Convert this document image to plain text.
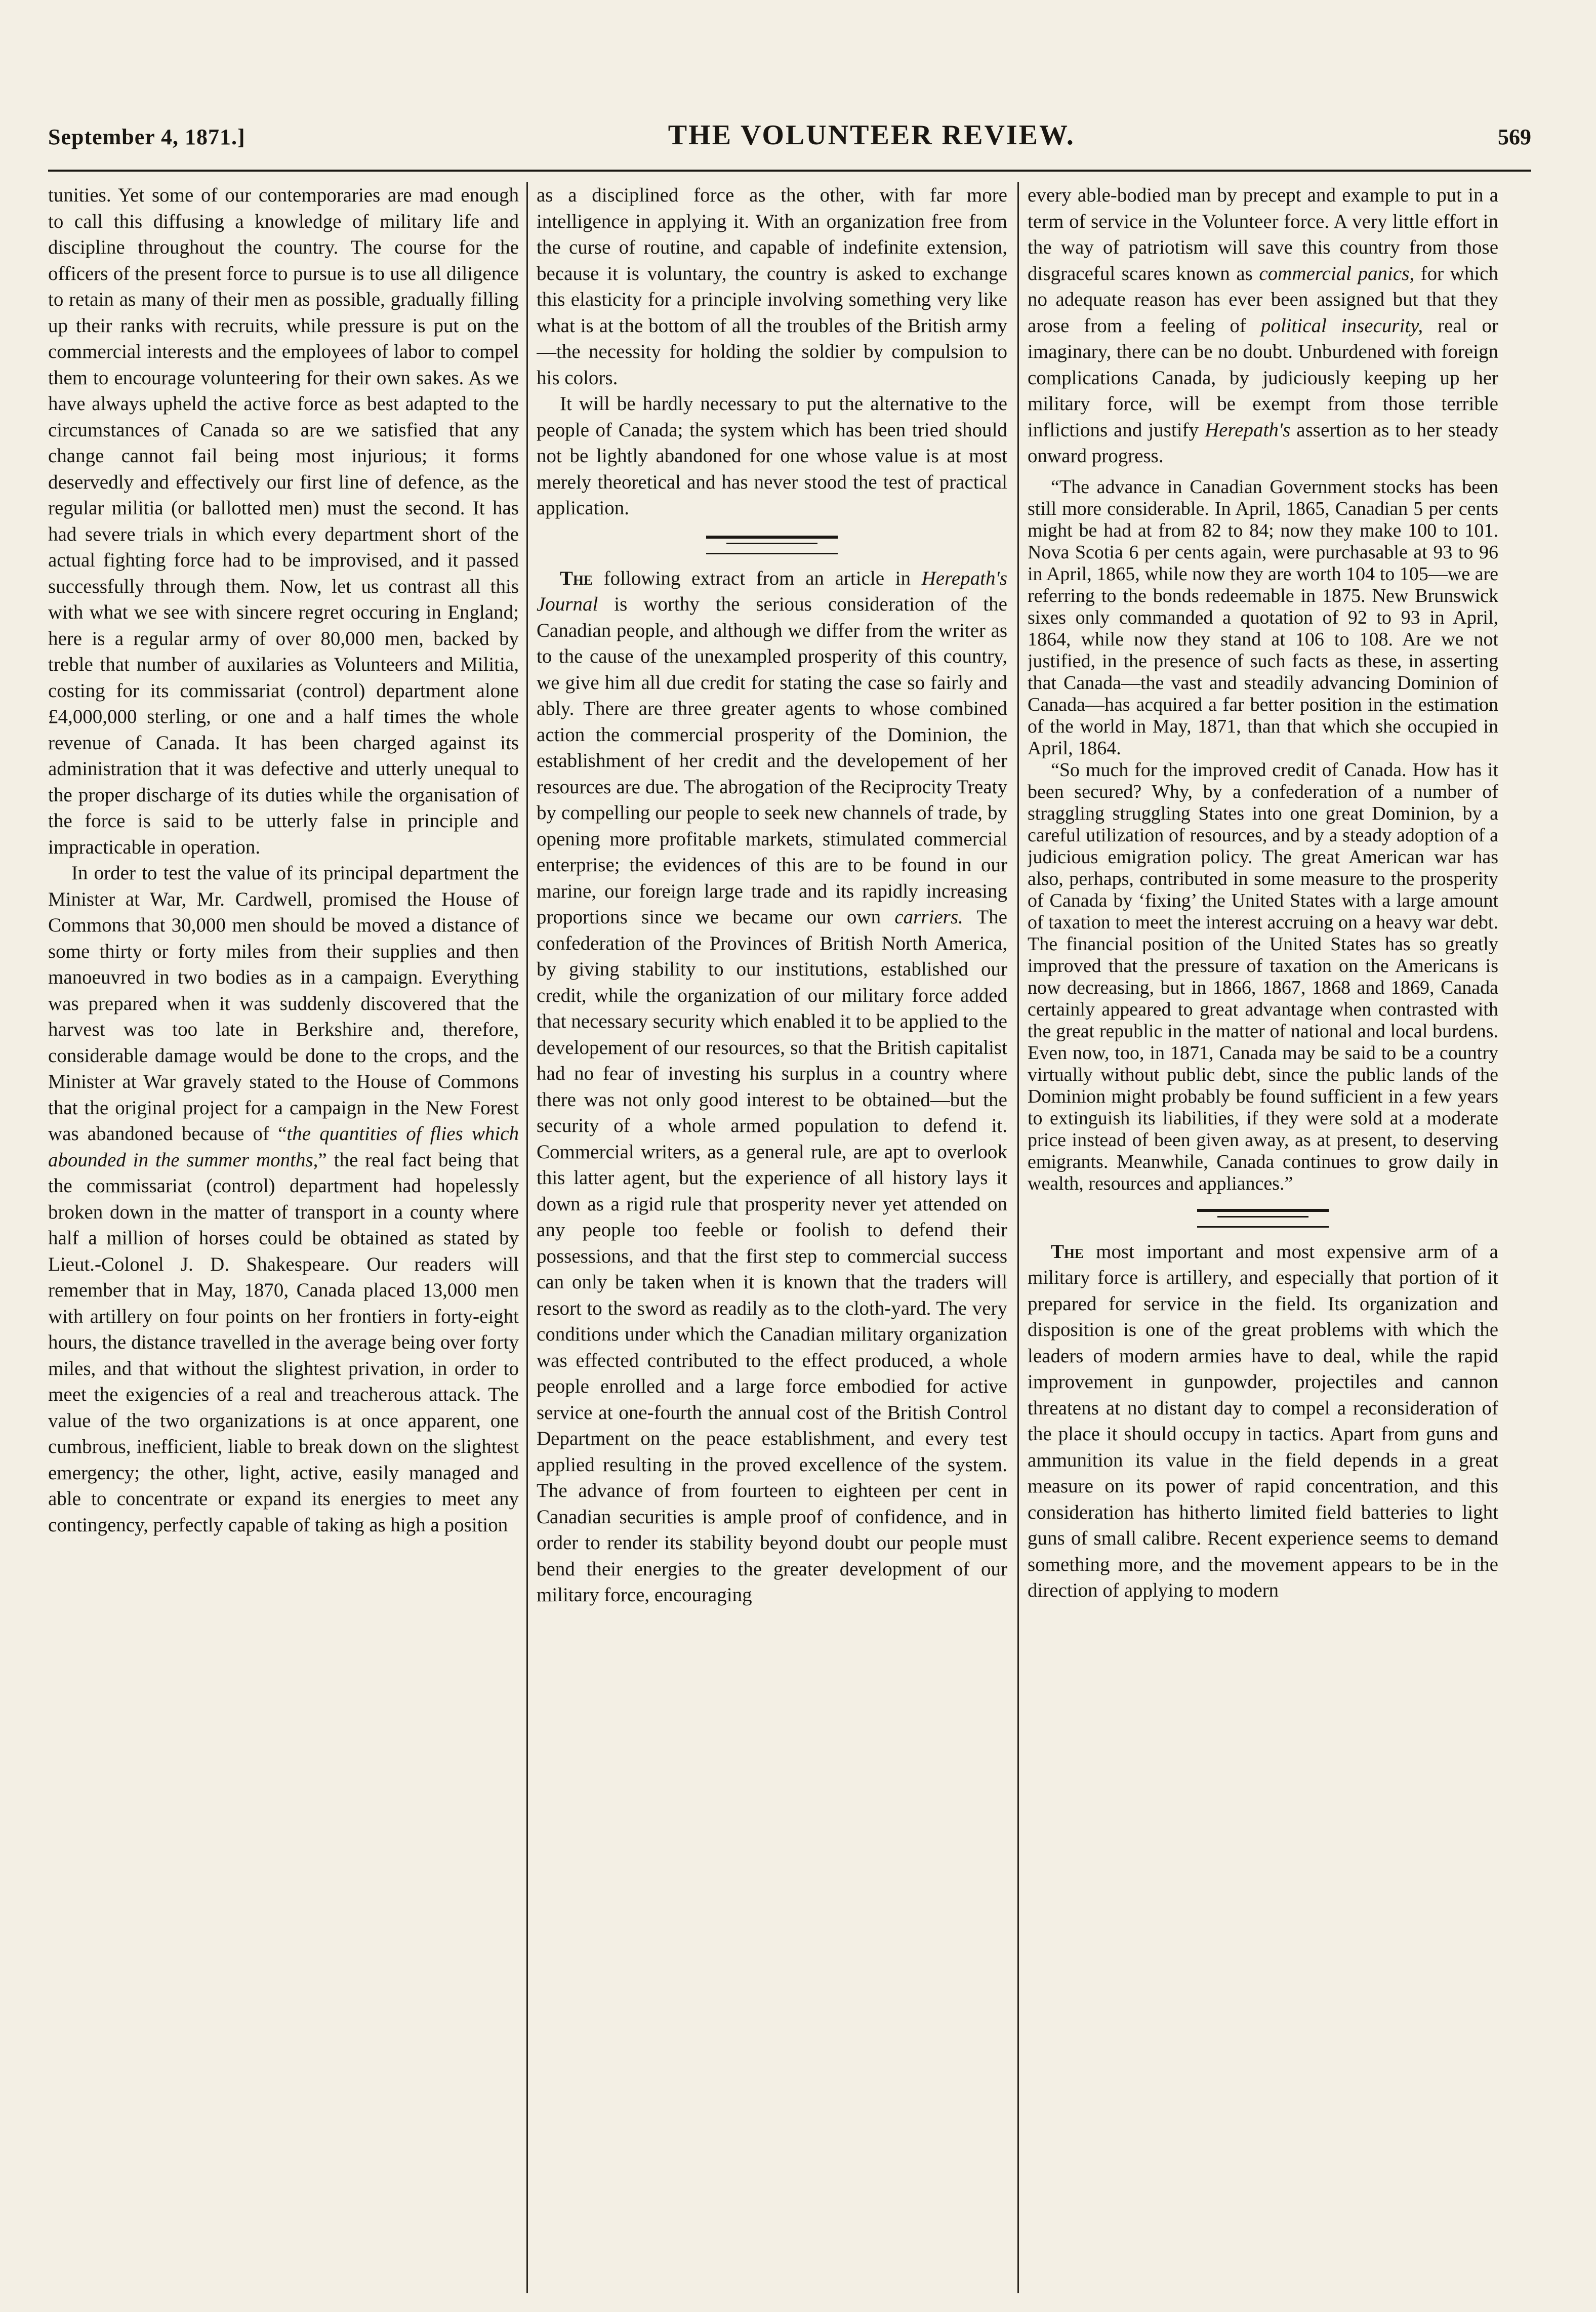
September 4, 1871.]	THE VOLUNTEER REVIEW.	569

tunities. Yet some of our contemporaries are mad enough to call this diffusing a knowledge of military life and discipline throughout the country. The course for the officers of the present force to pursue is to use all diligence to retain as many of their men as possible, gradually filling up their ranks with recruits, while pressure is put on the commercial interests and the employees of labor to compel them to encourage volunteering for their own sakes. As we have always upheld the active force as best adapted to the circumstances of Canada so are we satisfied that any change cannot fail being most injurious; it forms deservedly and effectively our first line of defence, as the regular militia (or ballotted men) must the second. It has had severe trials in which every department short of the actual fighting force had to be improvised, and it passed successfully through them. Now, let us contrast all this with what we see with sincere regret occuring in England; here is a regular army of over 80,000 men, backed by treble that number of auxilaries as Volunteers and Militia, costing for its commissariat (control) department alone £4,000,000 sterling, or one and a half times the whole revenue of Canada. It has been charged against its administration that it was defective and utterly unequal to the proper discharge of its duties while the organisation of the force is said to be utterly false in principle and impracticable in operation.

In order to test the value of its principal department the Minister at War, Mr. Cardwell, promised the House of Commons that 30,000 men should be moved a distance of some thirty or forty miles from their supplies and then manoeuvred in two bodies as in a campaign. Everything was prepared when it was suddenly discovered that the harvest was too late in Berkshire and, therefore, considerable damage would be done to the crops, and the Minister at War gravely stated to the House of Commons that the original project for a campaign in the New Forest was abandoned because of “the quantities of flies which abounded in the summer months,” the real fact being that the commissariat (control) department had hopelessly broken down in the matter of transport in a county where half a million of horses could be obtained as stated by Lieut.-Colonel J. D. Shakespeare. Our readers will remember that in May, 1870, Canada placed 13,000 men with artillery on four points on her frontiers in forty-eight hours, the distance travelled in the average being over forty miles, and that without the slightest privation, in order to meet the exigencies of a real and treacherous attack. The value of the two organizations is at once apparent, one cumbrous, inefficient, liable to break down on the slightest emergency; the other, light, active, easily managed and able to concentrate or expand its energies to meet any contingency, perfectly capable of taking as high a position

as a disciplined force as the other, with far more intelligence in applying it. With an organization free from the curse of routine, and capable of indefinite extension, because it is voluntary, the country is asked to exchange this elasticity for a principle involving something very like what is at the bottom of all the troubles of the British army—the necessity for holding the soldier by compulsion to his colors.

It will be hardly necessary to put the alternative to the people of Canada; the system which has been tried should not be lightly abandoned for one whose value is at most merely theoretical and has never stood the test of practical application.

The following extract from an article in Herepath's Journal is worthy the serious consideration of the Canadian people, and although we differ from the writer as to the cause of the unexampled prosperity of this country, we give him all due credit for stating the case so fairly and ably. There are three greater agents to whose combined action the commercial prosperity of the Dominion, the establishment of her credit and the developement of her resources are due. The abrogation of the Reciprocity Treaty by compelling our people to seek new channels of trade, by opening more profitable markets, stimulated commercial enterprise; the evidences of this are to be found in our marine, our foreign large trade and its rapidly increasing proportions since we became our own carriers. The confederation of the Provinces of British North America, by giving stability to our institutions, established our credit, while the organization of our military force added that necessary security which enabled it to be applied to the developement of our resources, so that the British capitalist had no fear of investing his surplus in a country where there was not only good interest to be obtained—but the security of a whole armed population to defend it. Commercial writers, as a general rule, are apt to overlook this latter agent, but the experience of all history lays it down as a rigid rule that prosperity never yet attended on any people too feeble or foolish to defend their possessions, and that the first step to commercial success can only be taken when it is known that the traders will resort to the sword as readily as to the cloth-yard. The very conditions under which the Canadian military organization was effected contributed to the effect produced, a whole people enrolled and a large force embodied for active service at one-fourth the annual cost of the British Control Department on the peace establishment, and every test applied resulting in the proved excellence of the system. The advance of from fourteen to eighteen per cent in Canadian securities is ample proof of confidence, and in order to render its stability beyond doubt our people must bend their energies to the greater development of our military force, encouraging

every able-bodied man by precept and example to put in a term of service in the Volunteer force. A very little effort in the way of patriotism will save this country from those disgraceful scares known as commercial panics, for which no adequate reason has ever been assigned but that they arose from a feeling of political insecurity, real or imaginary, there can be no doubt. Unburdened with foreign complications Canada, by judiciously keeping up her military force, will be exempt from those terrible inflictions and justify Herepath's assertion as to her steady onward progress.

“The advance in Canadian Government stocks has been still more considerable. In April, 1865, Canadian 5 per cents might be had at from 82 to 84; now they make 100 to 101. Nova Scotia 6 per cents again, were purchasable at 93 to 96 in April, 1865, while now they are worth 104 to 105—we are referring to the bonds redeemable in 1875. New Brunswick sixes only commanded a quotation of 92 to 93 in April, 1864, while now they stand at 106 to 108. Are we not justified, in the presence of such facts as these, in asserting that Canada—the vast and steadily advancing Dominion of Canada—has acquired a far better position in the estimation of the world in May, 1871, than that which she occupied in April, 1864.

“So much for the improved credit of Canada. How has it been secured? Why, by a confederation of a number of straggling struggling States into one great Dominion, by a careful utilization of resources, and by a steady adoption of a judicious emigration policy. The great American war has also, perhaps, contributed in some measure to the prosperity of Canada by ‘fixing’ the United States with a large amount of taxation to meet the interest accruing on a heavy war debt. The financial position of the United States has so greatly improved that the pressure of taxation on the Americans is now decreasing, but in 1866, 1867, 1868 and 1869, Canada certainly appeared to great advantage when contrasted with the great republic in the matter of national and local burdens. Even now, too, in 1871, Canada may be said to be a country virtually without public debt, since the public lands of the Dominion might probably be found sufficient in a few years to extinguish its liabilities, if they were sold at a moderate price instead of been given away, as at present, to deserving emigrants. Meanwhile, Canada continues to grow daily in wealth, resources and appliances.”

The most important and most expensive arm of a military force is artillery, and especially that portion of it prepared for service in the field. Its organization and disposition is one of the great problems with which the leaders of modern armies have to deal, while the rapid improvement in gunpowder, projectiles and cannon threatens at no distant day to compel a reconsideration of the place it should occupy in tactics. Apart from guns and ammunition its value in the field depends in a great measure on its power of rapid concentration, and this consideration has hitherto limited field batteries to light guns of small calibre. Recent experience seems to demand something more, and the movement appears to be in the direction of applying to modern
